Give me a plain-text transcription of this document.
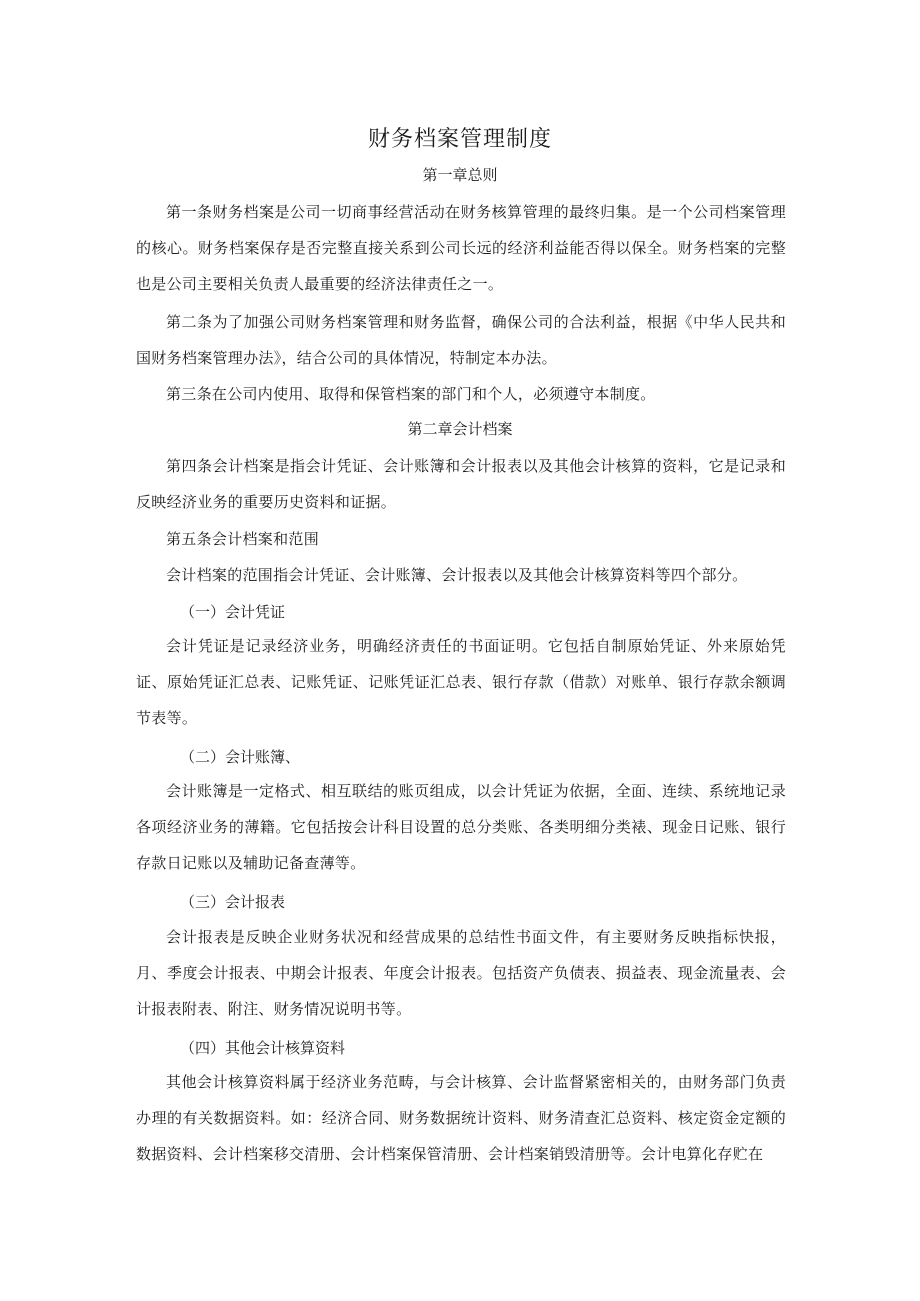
财务档案管理制度
第一章总则

第一条财务档案是公司一切商事经营活动在财务核算管理的最终归集。是一个公司档案管理的核心。财务档案保存是否完整直接关系到公司长远的经济利益能否得以保全。财务档案的完整也是公司主要相关负责人最重要的经济法律责任之一。

第二条为了加强公司财务档案管理和财务监督，确保公司的合法利益，根据《中华人民共和国财务档案管理办法》，结合公司的具体情况，特制定本办法。

第三条在公司内使用、取得和保管档案的部门和个人，必须遵守本制度。

第二章会计档案

第四条会计档案是指会计凭证、会计账簿和会计报表以及其他会计核算的资料，它是记录和反映经济业务的重要历史资料和证据。

第五条会计档案和范围

会计档案的范围指会计凭证、会计账簿、会计报表以及其他会计核算资料等四个部分。

（一）会计凭证

会计凭证是记录经济业务，明确经济责任的书面证明。它包括自制原始凭证、外来原始凭证、原始凭证汇总表、记账凭证、记账凭证汇总表、银行存款（借款）对账单、银行存款余额调节表等。

（二）会计账簿、

会计账簿是一定格式、相互联结的账页组成，以会计凭证为依据，全面、连续、系统地记录各项经济业务的薄籍。它包括按会计科目设置的总分类账、各类明细分类裱、现金日记账、银行存款日记账以及辅助记备查薄等。

（三）会计报表

会计报表是反映企业财务状况和经营成果的总结性书面文件，有主要财务反映指标快报，月、季度会计报表、中期会计报表、年度会计报表。包括资产负债表、损益表、现金流量表、会计报表附表、附注、财务情况说明书等。

（四）其他会计核算资料

其他会计核算资料属于经济业务范畴，与会计核算、会计监督紧密相关的，由财务部门负责办理的有关数据资料。如：经济合同、财务数据统计资料、财务清查汇总资料、核定资金定额的数据资料、会计档案移交清册、会计档案保管清册、会计档案销毁清册等。会计电算化存贮在
